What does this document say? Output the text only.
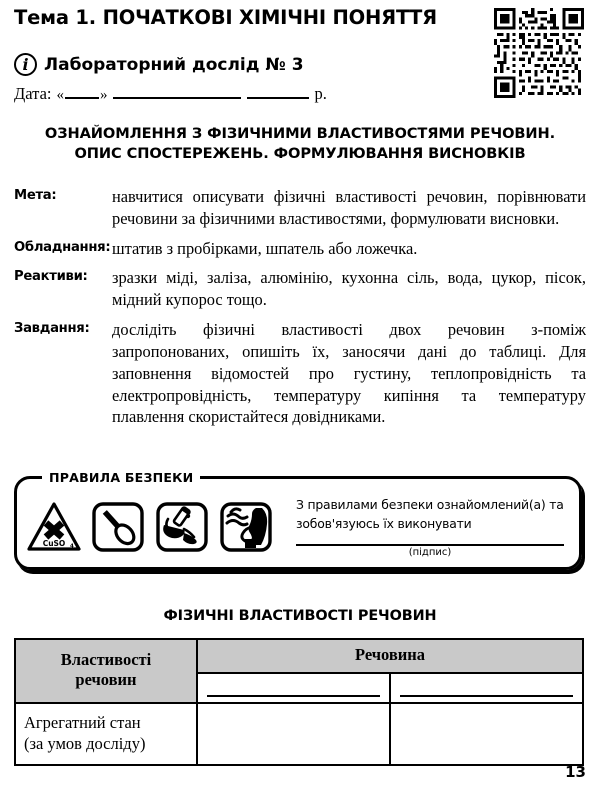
Тема 1. ПОЧАТКОВІ ХІМІЧНІ ПОНЯТТЯ
i Лабораторний дослід № 3
Дата: « »	р.
ОЗНАЙОМЛЕННЯ З ФІЗИЧНИМИ ВЛАСТИВОСТЯМИ РЕЧОВИН.
ОПИС СПОСТЕРЕЖЕНЬ. ФОРМУЛЮВАННЯ ВИСНОВКІВ
Мета:	навчитися описувати фізичні властивості речовин, порівнювати речовини за фізичними властивостями, формулювати висновки.
Обладнання: штатив з пробірками, шпатель або ложечка.
Реактиви:	зразки міді, заліза, алюмінію, кухонна сіль, вода, цукор, пісок, мідний купорос тощо.
Завдання:	дослідіть фізичні властивості двох речовин з-поміж запропонованих, опишіть їх, заносячи дані до таблиці. Для заповнення відомостей про густину, теплопровідність та електропровідність, температуру кипіння та температуру плавлення скористайтеся довідниками.
CuSO 4

З правилами безпеки ознайомлений(а) та

зобов'язуюсь їх виконувати

(підпис)
ПРАВИЛА БЕЗПЕКИ
ФІЗИЧНІ ВЛАСТИВОСТІ РЕЧОВИН
Властивості
речовин	Речовина	

Агрегатний стан
(за умов досліду)		

13
